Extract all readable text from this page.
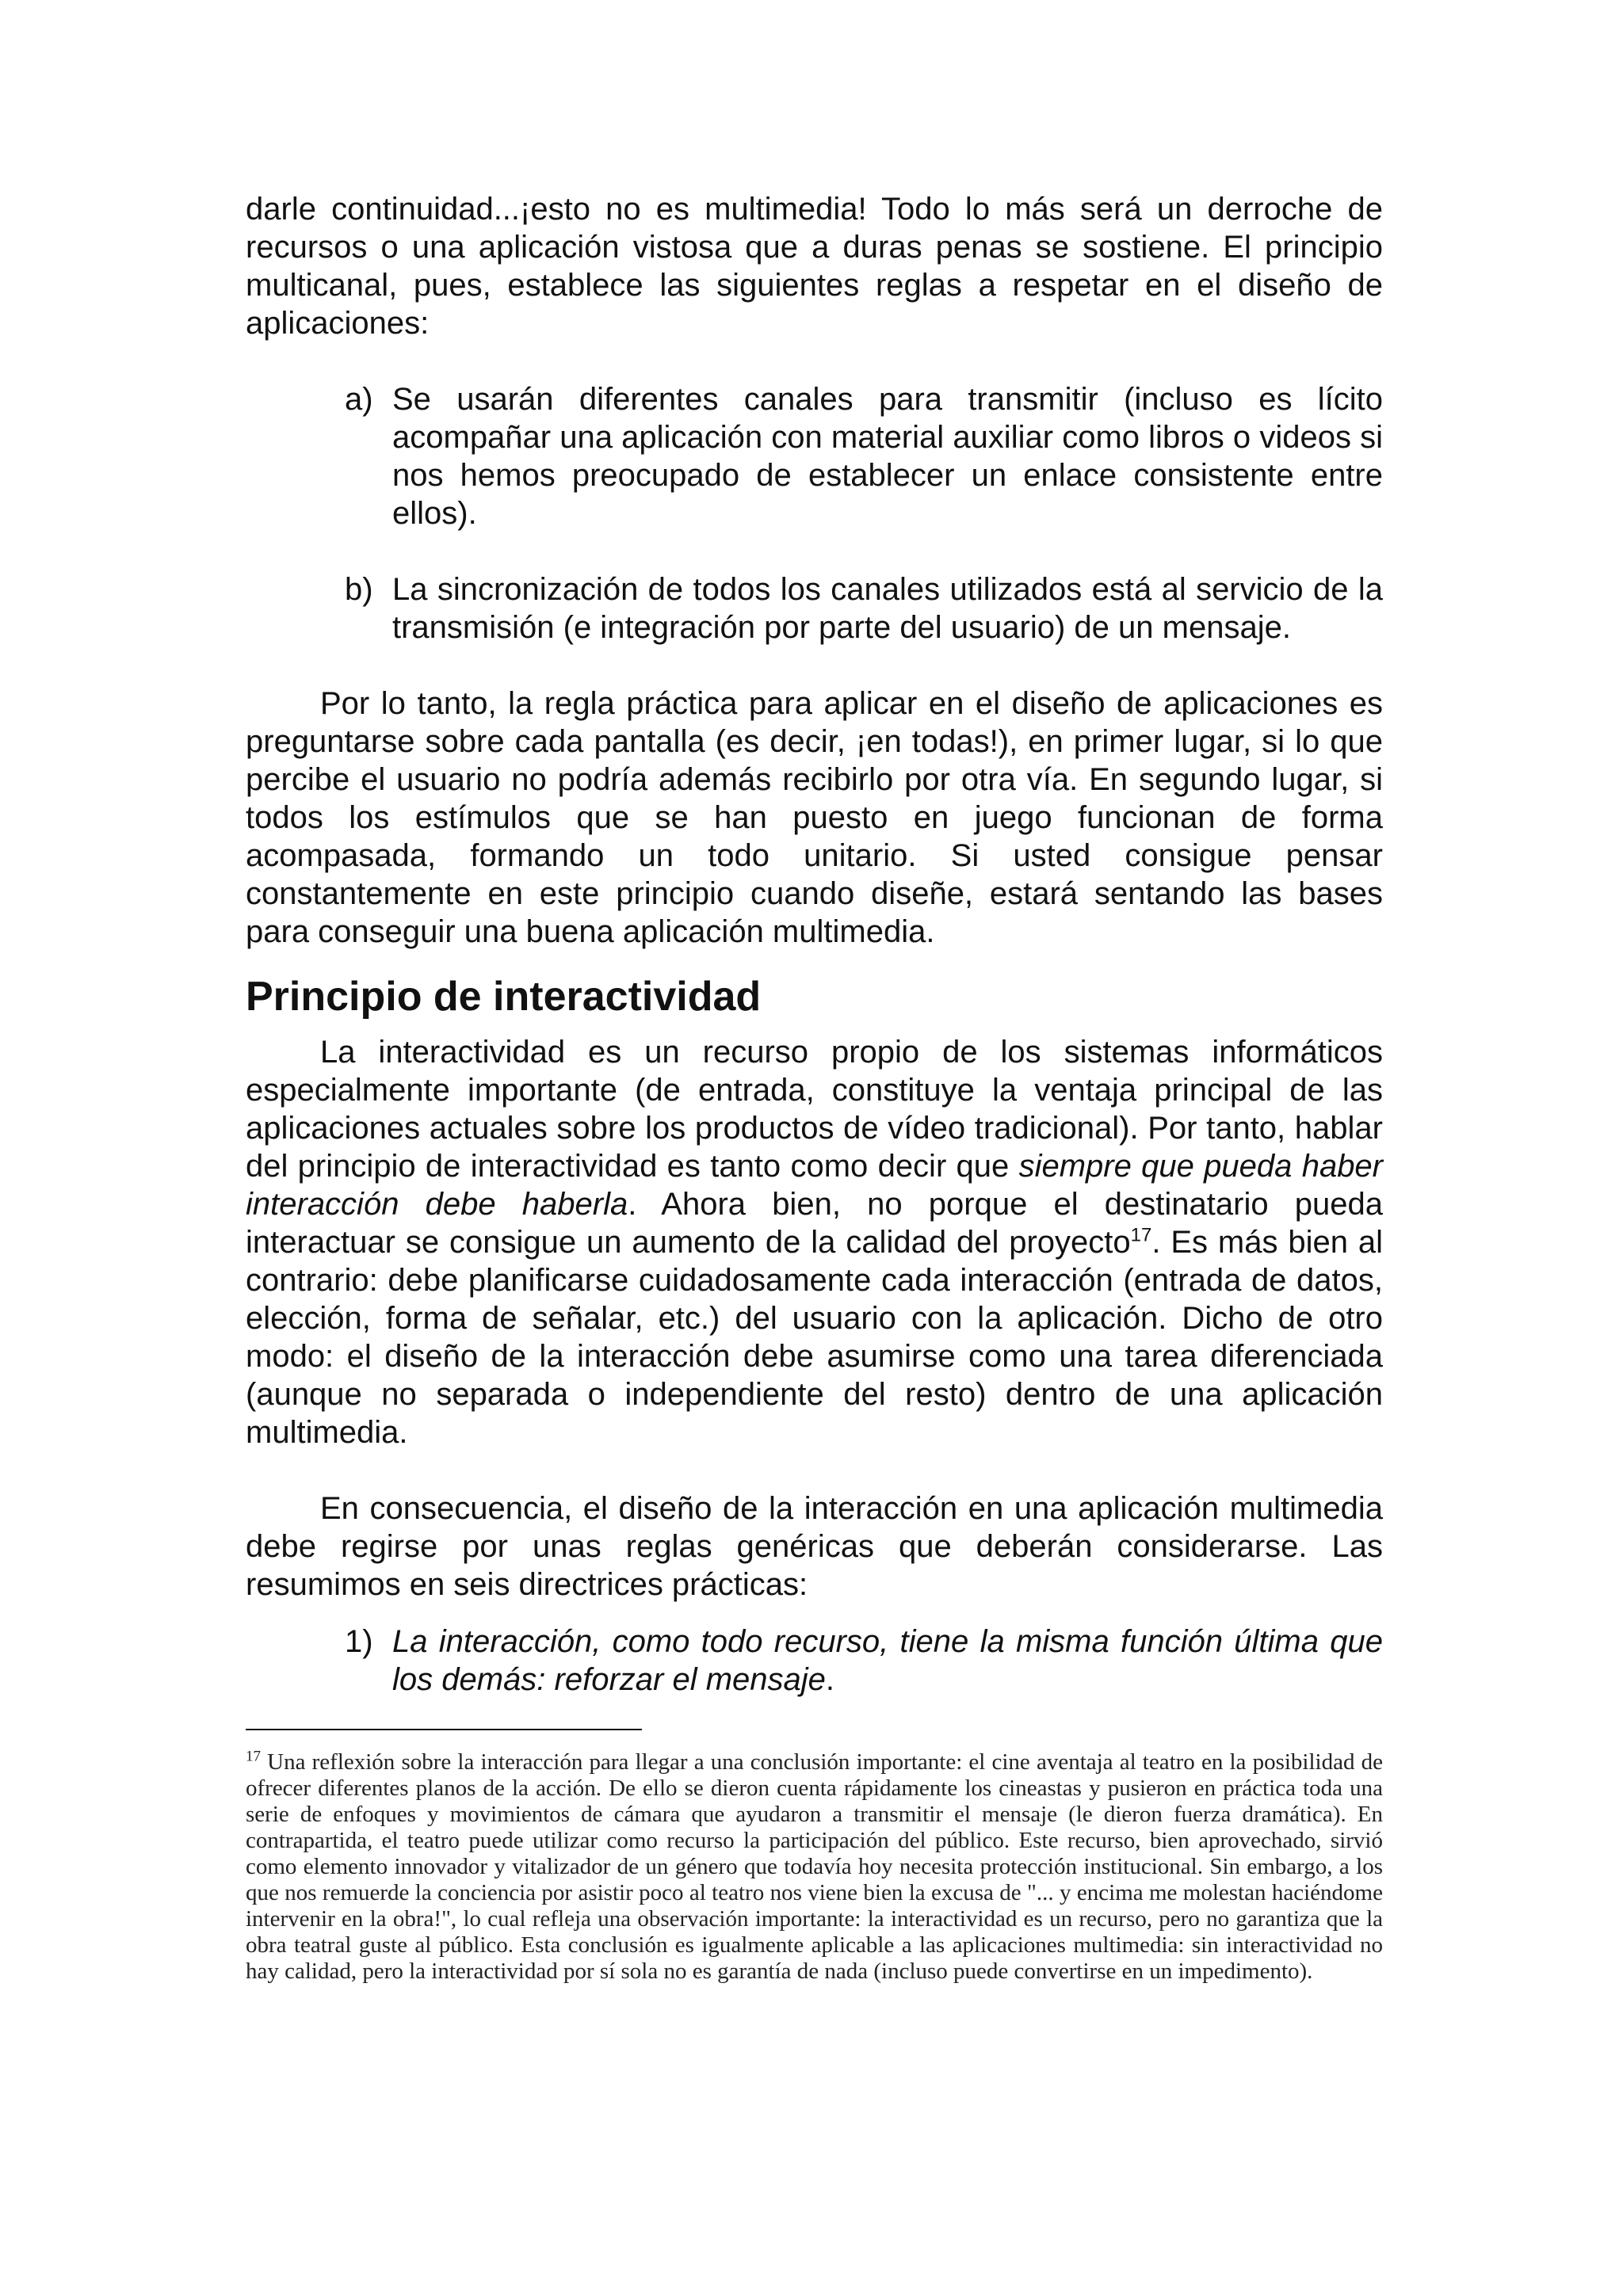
darle continuidad...¡esto no es multimedia! Todo lo más será un derroche de recursos o una aplicación vistosa que a duras penas se sostiene. El principio multicanal, pues, establece las siguientes reglas a respetar en el diseño de aplicaciones:

a) Se usarán diferentes canales para transmitir (incluso es lícito acompañar una aplicación con material auxiliar como libros o videos si nos hemos preocupado de establecer un enlace consistente entre ellos).
b) La sincronización de todos los canales utilizados está al servicio de la transmisión (e integración por parte del usuario) de un mensaje.

Por lo tanto, la regla práctica para aplicar en el diseño de aplicaciones es preguntarse sobre cada pantalla (es decir, ¡en todas!), en primer lugar, si lo que percibe el usuario no podría además recibirlo por otra vía. En segundo lugar, si todos los estímulos que se han puesto en juego funcionan de forma acompasada, formando un todo unitario. Si usted consigue pensar constantemente en este principio cuando diseñe, estará sentando las bases para conseguir una buena aplicación multimedia.

Principio de interactividad

La interactividad es un recurso propio de los sistemas informáticos especialmente importante (de entrada, constituye la ventaja principal de las aplicaciones actuales sobre los productos de vídeo tradicional). Por tanto, hablar del principio de interactividad es tanto como decir que siempre que pueda haber interacción debe haberla. Ahora bien, no porque el destinatario pueda interactuar se consigue un aumento de la calidad del proyecto$^{17}$. Es más bien al contrario: debe planificarse cuidadosamente cada interacción (entrada de datos, elección, forma de señalar, etc.) del usuario con la aplicación. Dicho de otro modo: el diseño de la interacción debe asumirse como una tarea diferenciada (aunque no separada o independiente del resto) dentro de una aplicación multimedia.

En consecuencia, el diseño de la interacción en una aplicación multimedia debe regirse por unas reglas genéricas que deberán considerarse. Las resumimos en seis directrices prácticas:

1) La interacción, como todo recurso, tiene la misma función última que los demás: reforzar el mensaje.

$^{17}$ Una reflexión sobre la interacción para llegar a una conclusión importante: el cine aventaja al teatro en la posibilidad de ofrecer diferentes planos de la acción. De ello se dieron cuenta rápidamente los cineastas y pusieron en práctica toda una serie de enfoques y movimientos de cámara que ayudaron a transmitir el mensaje (le dieron fuerza dramática). En contrapartida, el teatro puede utilizar como recurso la participación del público. Este recurso, bien aprovechado, sirvió como elemento innovador y vitalizador de un género que todavía hoy necesita protección institucional. Sin embargo, a los que nos remuerde la conciencia por asistir poco al teatro nos viene bien la excusa de "... y encima me molestan haciéndome intervenir en la obra!", lo cual refleja una observación importante: la interactividad es un recurso, pero no garantiza que la obra teatral guste al público. Esta conclusión es igualmente aplicable a las aplicaciones multimedia: sin interactividad no hay calidad, pero la interactividad por sí sola no es garantía de nada (incluso puede convertirse en un impedimento).
